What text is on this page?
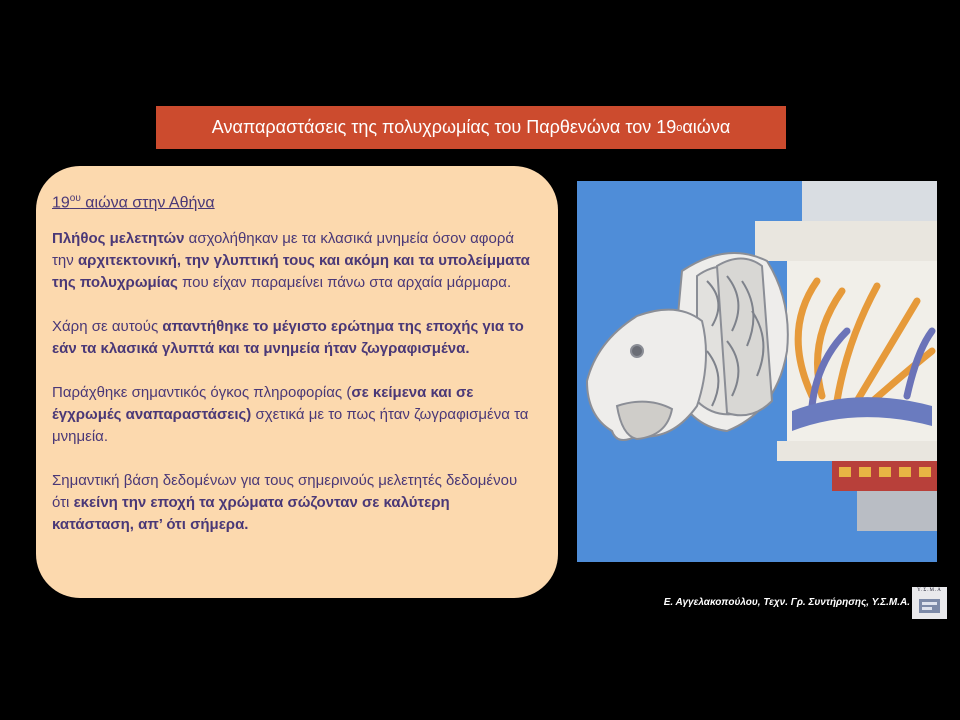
Αναπαραστάσεις της πολυχρωμίας του Παρθενώνα τον 19 ο αιώνα
$19^{o\upsilon}$ αιώνα στην Αθήνα

Πλήθος μελετητών ασχολήθηκαν με τα κλασικά μνημεία όσον αφορά την αρχιτεκτονική, την γλυπτική τους και ακόμη και τα υπολείμματα της πολυχρωμίας που είχαν παραμείνει πάνω στα αρχαία μάρμαρα.

Χάρη σε αυτούς απαντήθηκε το μέγιστο ερώτημα της εποχής για το εάν τα κλασικά γλυπτά και τα μνημεία ήταν ζωγραφισμένα.

Παράχθηκε σημαντικός όγκος πληροφορίας (σε κείμενα και σε έγχρωμές αναπαραστάσεις) σχετικά με το πως ήταν ζωγραφισμένα τα μνημεία.

Σημαντική βάση δεδομένων για τους σημερινούς μελετητές δεδομένου ότι εκείνη την εποχή τα χρώματα σώζονταν σε καλύτερη κατάσταση, απ’ ότι σήμερα.

Ε. Αγγελακοπούλου, Τεχν. Γρ. Συντήρησης, Υ.Σ.Μ.Α.
Y.Σ.M.A
